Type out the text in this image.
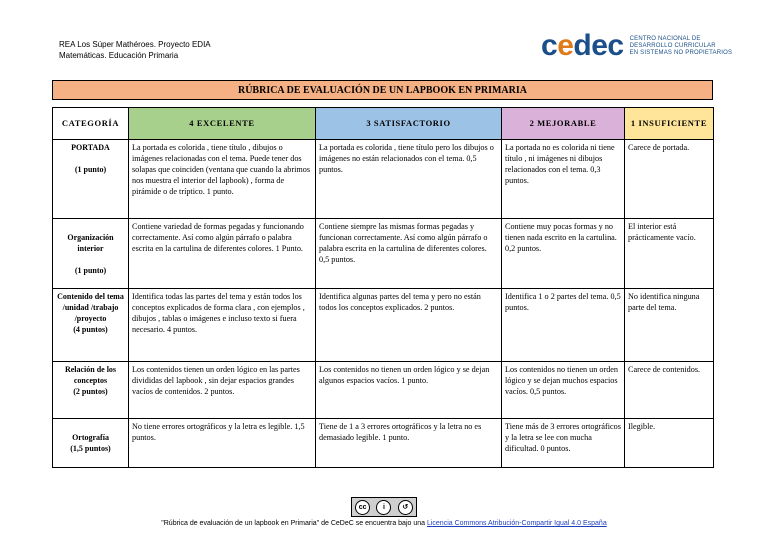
REA Los Súper Mathéroes. Proyecto EDIA
Matemáticas. Educación Primaria	cedec CENTRO NACIONAL DE
DESARROLLO CURRICULAR
EN SISTEMAS NO PROPIETARIOS
RÚBRICA DE EVALUACIÓN DE UN LAPBOOK EN PRIMARIA
CATEGORÍA	4 EXCELENTE	3 SATISFACTORIO	2 MEJORABLE	1 INSUFICIENTE

PORTADA

(1 punto)	La portada es colorida , tiene título , dibujos o imágenes relacionadas con el tema. Puede tener dos solapas que coinciden (ventana que cuando la abrimos nos muestra el interior del lapbook) , forma de pirámide o de tríptico. 1 punto.	La portada es colorida , tiene título pero los dibujos o imágenes no están relacionados con el tema. 0,5 puntos.	La portada no es colorida ni tiene título , ni imágenes ni dibujos relacionados con el tema. 0,3 puntos.	Carece de portada.

Organización interior

(1 punto)	Contiene variedad de formas pegadas y funcionando correctamente. Así como algún párrafo o palabra escrita en la cartulina de diferentes colores. 1 Punto.	Contiene siempre las mismas formas pegadas y funcionan correctamente. Así como algún párrafo o palabra escrita en la cartulina de diferentes colores. 0,5 puntos.	Contiene muy pocas formas y no tienen nada escrito en la cartulina. 0,2 puntos.	El interior está prácticamente vacío.

Contenido del tema /unidad /trabajo /proyecto
(4 puntos)	Identifica todas las partes del tema y están todos los conceptos explicados de forma clara , con ejemplos , dibujos , tablas o imágenes e incluso texto si fuera necesario. 4 puntos.	Identifica algunas partes del tema y pero no están todos los conceptos explicados. 2 puntos.	Identifica 1 o 2 partes del tema. 0,5 puntos.	No identifica ninguna parte del tema.

Relación de los conceptos
(2 puntos)	Los contenidos tienen un orden lógico en las partes divididas del lapbook , sin dejar espacios grandes vacíos de contenidos. 2 puntos.	Los contenidos no tienen un orden lógico y se dejan algunos espacios vacíos. 1 punto.	Los contenidos no tienen un orden lógico y se dejan muchos espacios vacíos. 0,5 puntos.	Carece de contenidos.

Ortografía
(1,5 puntos)	No tiene errores ortográficos y la letra es legible. 1,5 puntos.	Tiene de 1 a 3 errores ortográficos y la letra no es demasiado legible. 1 punto.	Tiene más de 3 errores ortográficos y la letra se lee con mucha dificultad. 0 puntos.	Ilegible.
cc	i	↺
"Rúbrica de evaluación de un lapbook en Primaria" de CeDeC se encuentra bajo una Licencia Commons Atribución-Compartir Igual 4.0 España
